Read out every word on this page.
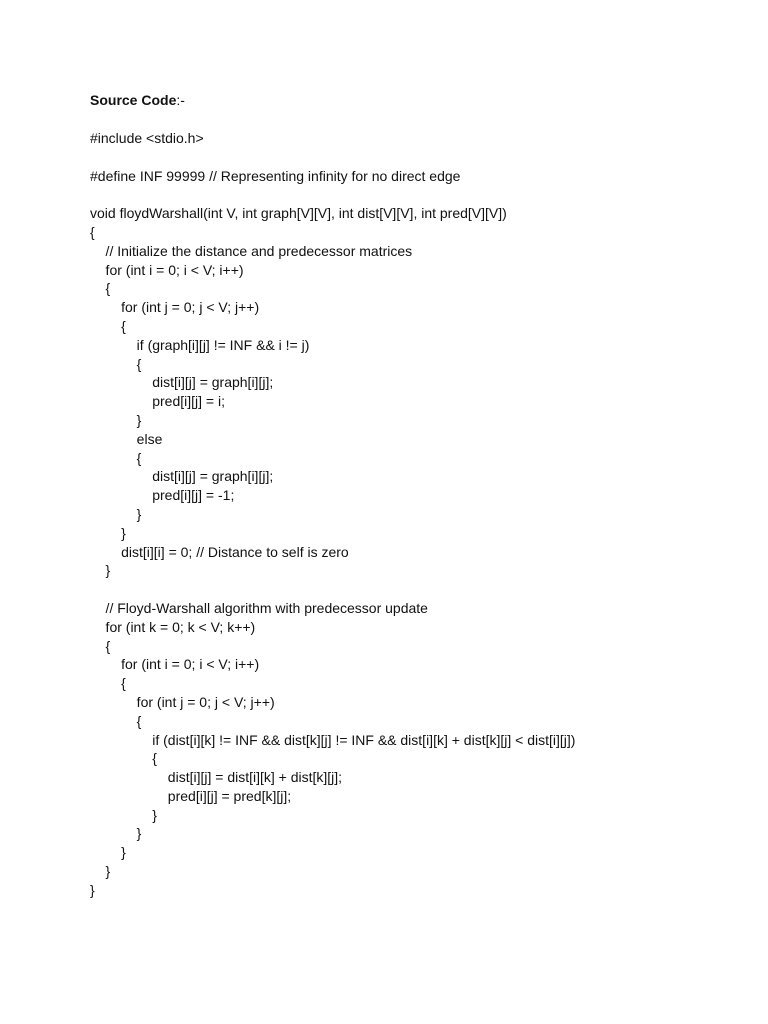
Source Code:-
#include <stdio.h>
#define INF 99999 // Representing infinity for no direct edge
void floydWarshall(int V, int graph[V][V], int dist[V][V], int pred[V][V])
{
// Initialize the distance and predecessor matrices
for (int i = 0; i < V; i++)
{
for (int j = 0; j < V; j++)
{
if (graph[i][j] != INF && i != j)
{
dist[i][j] = graph[i][j];
pred[i][j] = i;
}
else
{
dist[i][j] = graph[i][j];
pred[i][j] = -1;
}
}
dist[i][i] = 0; // Distance to self is zero
}
// Floyd-Warshall algorithm with predecessor update
for (int k = 0; k < V; k++)
{
for (int i = 0; i < V; i++)
{
for (int j = 0; j < V; j++)
{
if (dist[i][k] != INF && dist[k][j] != INF && dist[i][k] + dist[k][j] < dist[i][j])
{
dist[i][j] = dist[i][k] + dist[k][j];
pred[i][j] = pred[k][j];
}
}
}
}
}
